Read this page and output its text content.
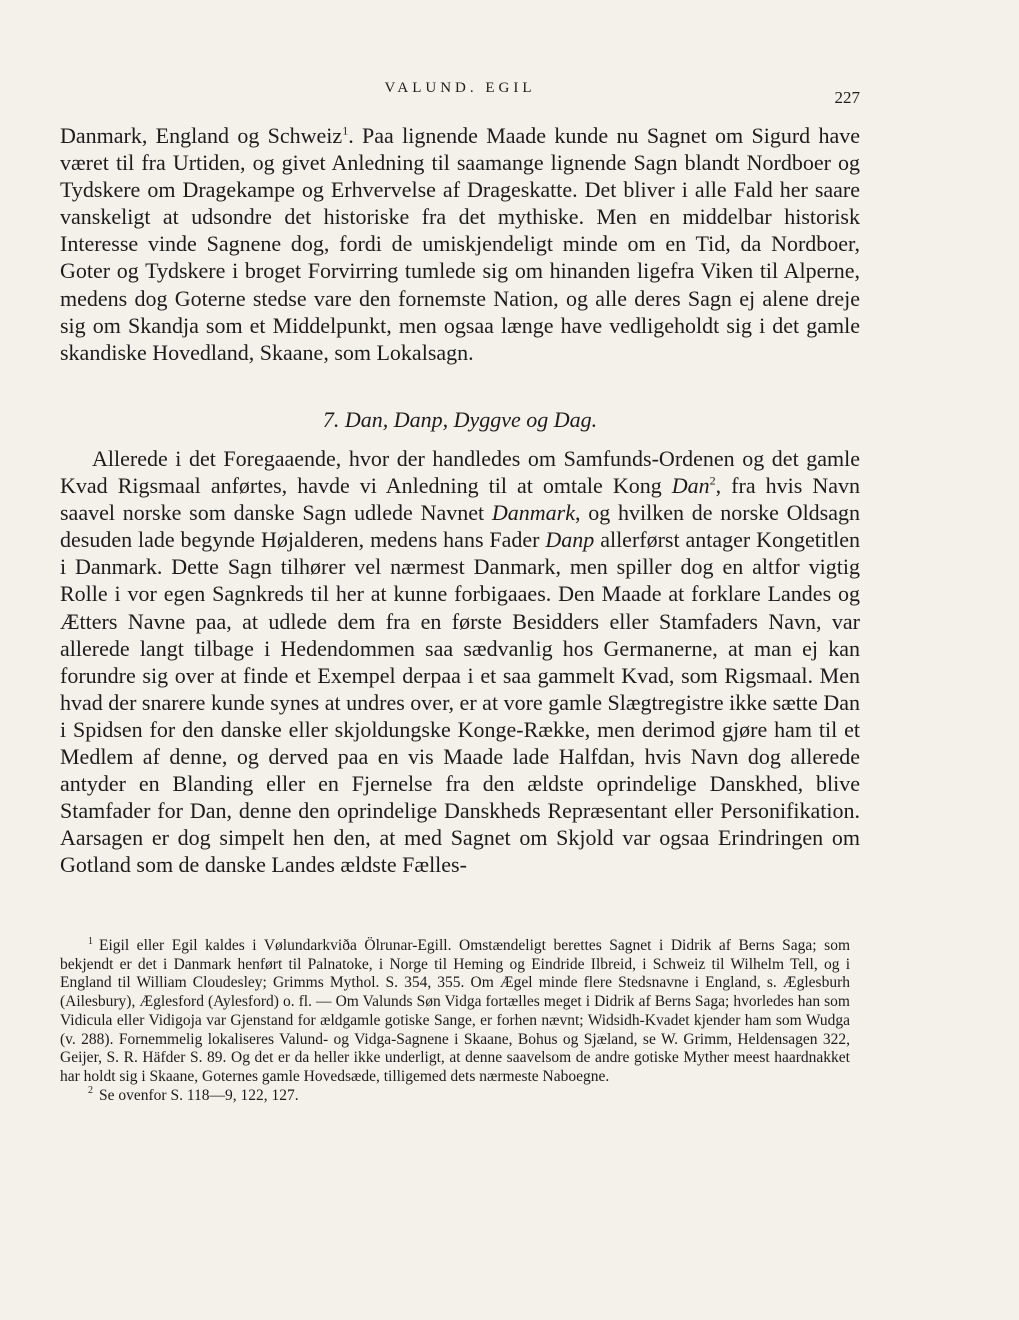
VALUND. EGIL	227

Danmark, England og Schweiz$^1$. Paa lignende Maade kunde nu Sagnet om Sigurd have været til fra Urtiden, og givet Anledning til saamange lignende Sagn blandt Nordboer og Tydskere om Dragekampe og Erhvervelse af Drageskatte. Det bliver i alle Fald her saare vanskeligt at udsondre det historiske fra det mythiske. Men en middelbar historisk Interesse vinde Sagnene dog, fordi de umiskjendeligt minde om en Tid, da Nordboer, Goter og Tydskere i broget Forvirring tumlede sig om hinanden ligefra Viken til Alperne, medens dog Goterne stedse vare den fornemste Nation, og alle deres Sagn ej alene dreje sig om Skandja som et Middelpunkt, men ogsaa længe have vedligeholdt sig i det gamle skandiske Hovedland, Skaane, som Lokalsagn.

7. Dan, Danp, Dyggve og Dag.

Allerede i det Foregaaende, hvor der handledes om Samfunds-Ordenen og det gamle Kvad Rigsmaal anførtes, havde vi Anledning til at omtale Kong Dan$^2$, fra hvis Navn saavel norske som danske Sagn udlede Navnet Danmark, og hvilken de norske Oldsagn desuden lade begynde Højalderen, medens hans Fader Danp allerførst antager Kongetitlen i Danmark. Dette Sagn tilhører vel nærmest Danmark, men spiller dog en altfor vigtig Rolle i vor egen Sagnkreds til her at kunne forbigaaes. Den Maade at forklare Landes og Ætters Navne paa, at udlede dem fra en første Besidders eller Stamfaders Navn, var allerede langt tilbage i Hedendommen saa sædvanlig hos Germanerne, at man ej kan forundre sig over at finde et Exempel derpaa i et saa gammelt Kvad, som Rigsmaal. Men hvad der snarere kunde synes at undres over, er at vore gamle Slægtregistre ikke sætte Dan i Spidsen for den danske eller skjoldungske Konge-Række, men derimod gjøre ham til et Medlem af denne, og derved paa en vis Maade lade Halfdan, hvis Navn dog allerede antyder en Blanding eller en Fjernelse fra den ældste oprindelige Danskhed, blive Stamfader for Dan, denne den oprindelige Danskheds Repræsentant eller Personifikation. Aarsagen er dog simpelt hen den, at med Sagnet om Skjold var ogsaa Erindringen om Gotland som de danske Landes ældste Fælles-

$^1$ Eigil eller Egil kaldes i Vølundarkviða Ölrunar-Egill. Omstændeligt berettes Sagnet i Didrik af Berns Saga; som bekjendt er det i Danmark henført til Palnatoke, i Norge til Heming og Eindride Ilbreid, i Schweiz til Wilhelm Tell, og i England til William Cloudesley; Grimms Mythol. S. 354, 355. Om Ægel minde flere Stedsnavne i England, s. Æglesburh (Ailesbury), Æglesford (Aylesford) o. fl. — Om Valunds Søn Vidga fortælles meget i Didrik af Berns Saga; hvorledes han som Vidicula eller Vidigoja var Gjenstand for ældgamle gotiske Sange, er forhen nævnt; Widsidh-Kvadet kjender ham som Wudga (v. 288). Fornemmelig lokaliseres Valund- og Vidga-Sagnene i Skaane, Bohus og Sjæland, se W. Grimm, Heldensagen 322, Geijer, S. R. Häfder S. 89. Og det er da heller ikke underligt, at denne saavelsom de andre gotiske Myther meest haardnakket har holdt sig i Skaane, Goternes gamle Hovedsæde, tilligemed dets nærmeste Naboegne.

$^2$ Se ovenfor S. 118—9, 122, 127.
